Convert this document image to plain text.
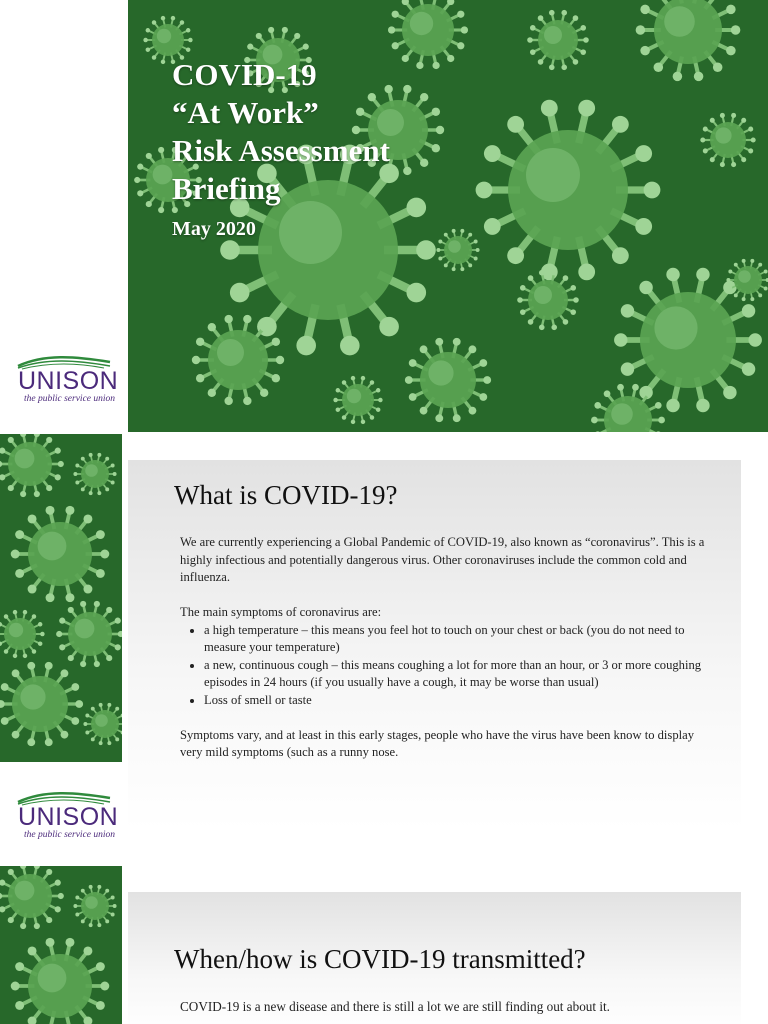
COVID-19
“At Work”
Risk Assessment
Briefing
May 2020
UNISON
the public service union
What is COVID-19?

We are currently experiencing a Global Pandemic of COVID-19, also known as “coronavirus”. This is a highly infectious and potentially dangerous virus. Other coronaviruses include the common cold and influenza.

The main symptoms of coronavirus are:

• a high temperature – this means you feel hot to touch on your chest or back (you do not need to measure your temperature)
• a new, continuous cough – this means coughing a lot for more than an hour, or 3 or more coughing episodes in 24 hours (if you usually have a cough, it may be worse than usual)
• Loss of smell or taste

Symptoms vary, and at least in this early stages, people who have the virus have been know to display very mild symptoms (such as a runny nose.

UNISON
the public service union
When/how is COVID-19 transmitted?

COVID-19 is a new disease and there is still a lot we are still finding out about it.
